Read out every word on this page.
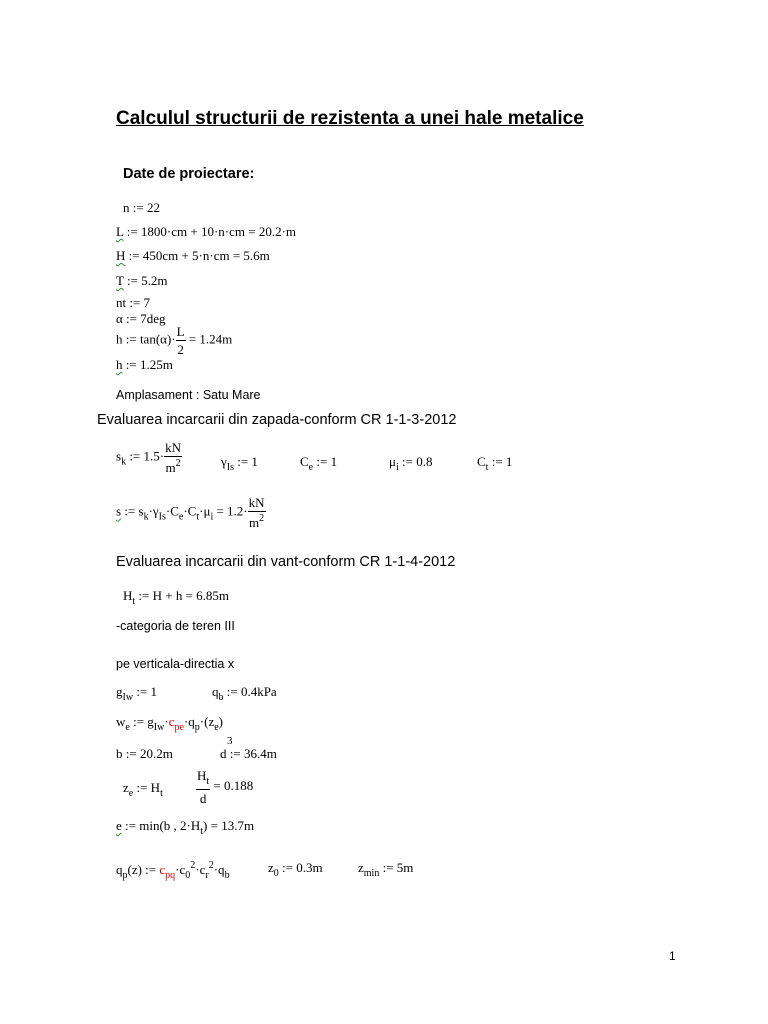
Calculul structurii de rezistenta a unei hale metalice
Date de proiectare:
n := 22
L := 1800·cm + 10·n·cm = 20.2·m
H := 450cm + 5·n·cm = 5.6m
T := 5.2m
nt := 7
α := 7deg
h := $\tan(\alpha)\cdot \frac{L}{2} = 1.24m$
h := 1.25m
Amplasament : Satu Mare
Evaluarea incarcarii din zapada-conform CR 1-1-3-2012
$s_k$ := $1.5\cdot \frac{kN}{m^2}$	$\gamma_{Is}$ := 1	$C_e$ := 1	$\mu_i$ := 0.8	$C_t$ := 1
s := $s_k\cdot\gamma_{Is}\cdot C_e\cdot C_t\cdot\mu_i = 1.2\cdot \frac{kN}{m^2}$
Evaluarea incarcarii din vant-conform CR 1-1-4-2012
$H_t$ := H + h = 6.85m
-categoria de teren III
pe verticala-directia x
$g_{Iw}$ := 1	$q_b$ := 0.4kPa
$w_e$ := $g_{Iw}\cdot c_{pe}\cdot q_p\cdot(z_e)$
3
b := 20.2m	d := 36.4m
$z_e$ := $H_t$	$\frac{H_t}{d} = 0.188$
e := min(b , $2\cdot H_t) = 13.7m$
$q_p(z)$ := $c_{pq}\cdot c_0^2\cdot c_r^2\cdot q_b$
$z_0$ := 0.3m	$z_{min}$ := 5m
1
